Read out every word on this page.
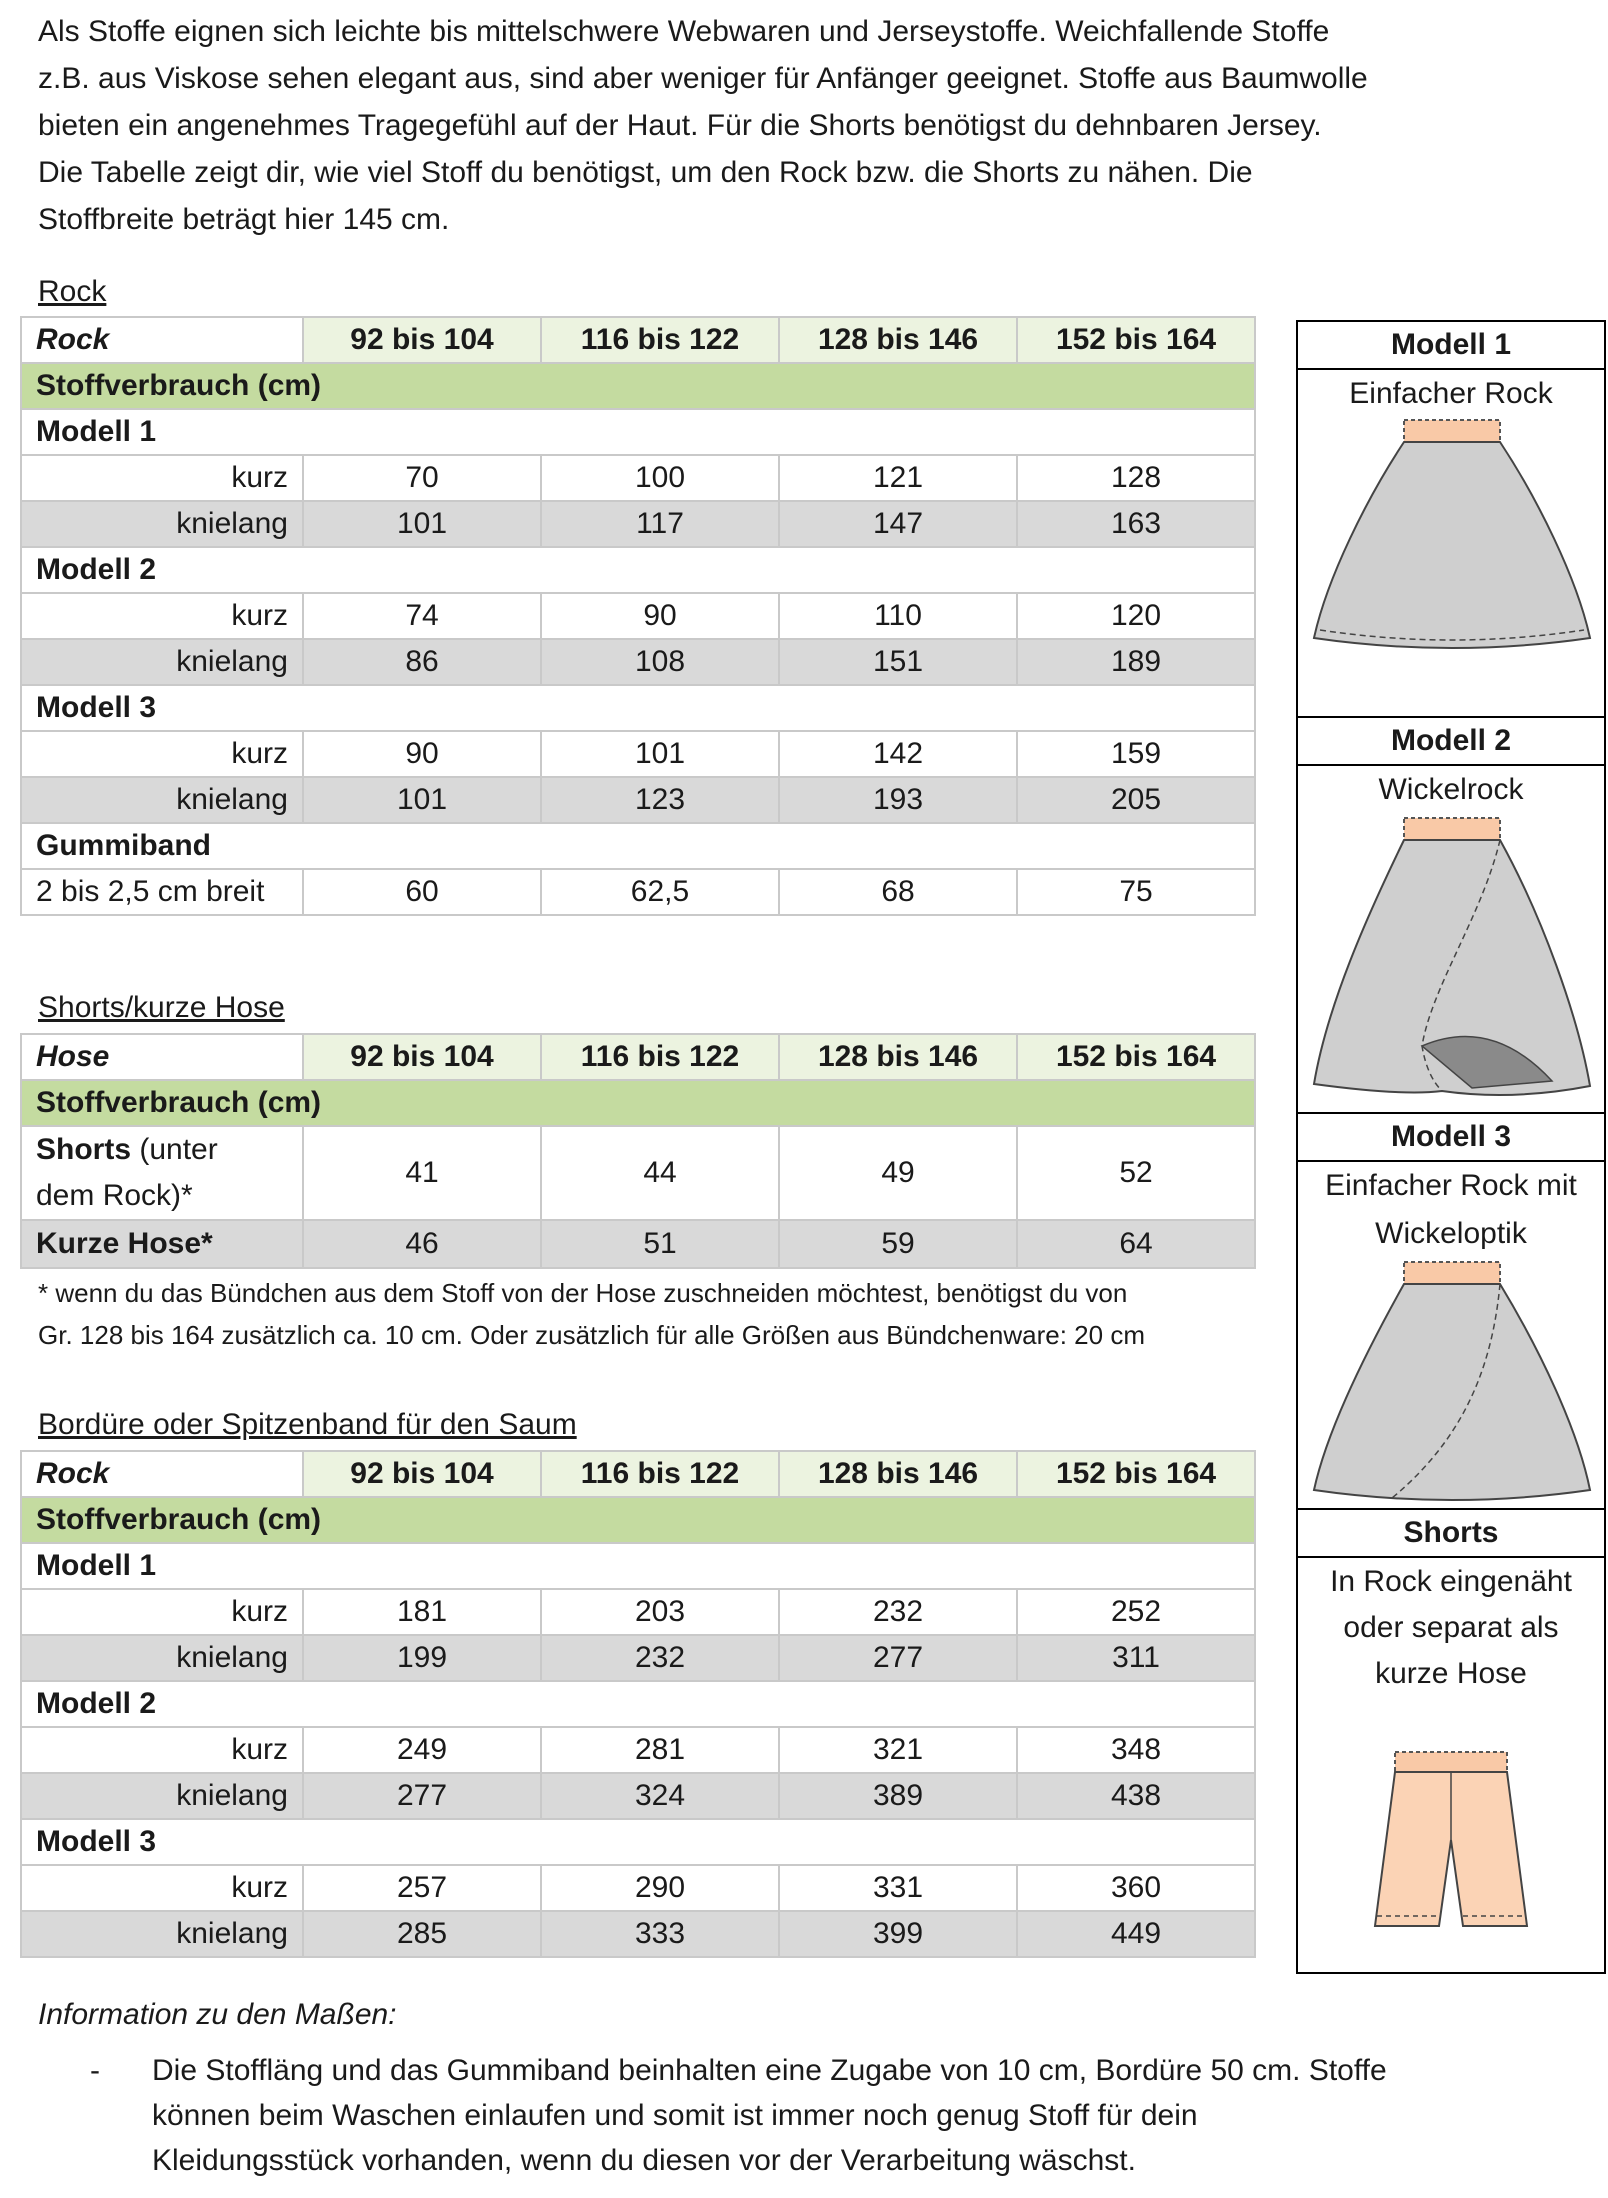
Als Stoffe eignen sich leichte bis mittelschwere Webwaren und Jerseystoffe. Weichfallende Stoffe
z.B. aus Viskose sehen elegant aus, sind aber weniger für Anfänger geeignet. Stoffe aus Baumwolle
bieten ein angenehmes Tragegefühl auf der Haut. Für die Shorts benötigst du dehnbaren Jersey.
Die Tabelle zeigt dir, wie viel Stoff du benötigst, um den Rock bzw. die Shorts zu nähen. Die
Stoffbreite beträgt hier 145 cm.
Rock
Rock	92 bis 104	116 bis 122	128 bis 146	152 bis 164
Stoffverbrauch (cm)				
Modell 1				
kurz	70	100	121	128
knielang	101	117	147	163
Modell 2				
kurz	74	90	110	120
knielang	86	108	151	189
Modell 3				
kurz	90	101	142	159
knielang	101	123	193	205
Gummiband				
2 bis 2,5 cm breit	60	62,5	68	75
Shorts/kurze Hose
Hose	92 bis 104	116 bis 122	128 bis 146	152 bis 164
Stoffverbrauch (cm)				
Shorts (unter
dem Rock)*	41	44	49	52
Kurze Hose*	46	51	59	64
* wenn du das Bündchen aus dem Stoff von der Hose zuschneiden möchtest, benötigst du von
Gr. 128 bis 164 zusätzlich ca. 10 cm. Oder zusätzlich für alle Größen aus Bündchenware: 20 cm
Bordüre oder Spitzenband für den Saum
Rock	92 bis 104	116 bis 122	128 bis 146	152 bis 164
Stoffverbrauch (cm)				
Modell 1				
kurz	181	203	232	252
knielang	199	232	277	311
Modell 2				
kurz	249	281	321	348
knielang	277	324	389	438
Modell 3				
kurz	257	290	331	360
knielang	285	333	399	449
Information zu den Maßen:
- Die Stoffläng und das Gummiband beinhalten eine Zugabe von 10 cm, Bordüre 50 cm. Stoffe
können beim Waschen einlaufen und somit ist immer noch genug Stoff für dein
Kleidungsstück vorhanden, wenn du diesen vor der Verarbeitung wäschst.
Modell 1
Einfacher Rock
Modell 2
Wickelrock
Modell 3
Einfacher Rock mit
Wickeloptik
Shorts
In Rock eingenäht
oder separat als
kurze Hose
